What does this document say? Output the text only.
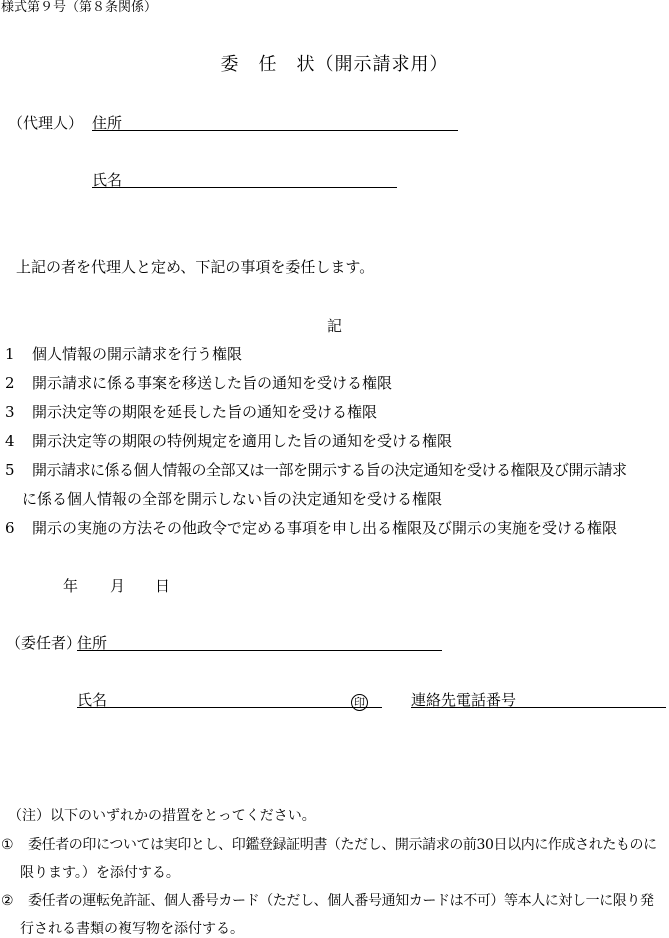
様式第９号（第８条関係）
委　任　状（開示請求用）
（代理人） 住所
氏名
上記の者を代理人と定め、下記の事項を委任します。
記
1 個人情報の開示請求を行う権限
2 開示請求に係る事案を移送した旨の通知を受ける権限
3 開示決定等の期限を延長した旨の通知を受ける権限
4 開示決定等の期限の特例規定を適用した旨の通知を受ける権限
5 開示請求に係る個人情報の全部又は一部を開示する旨の決定通知を受ける権限及び開示請求
に係る個人情報の全部を開示しない旨の決定通知を受ける権限
6 開示の実施の方法その他政令で定める事項を申し出る権限及び開示の実施を受ける権限
年 月 日
（委任者）
住所
氏名	印	連絡先電話番号
（注）以下のいずれかの措置をとってください。
① 委任者の印については実印とし、印鑑登録証明書（ただし、開示請求の前30日以内に作成されたものに
限ります。）を添付する。
② 委任者の運転免許証、個人番号カード（ただし、個人番号通知カードは不可）等本人に対し一に限り発
行される書類の複写物を添付する。
